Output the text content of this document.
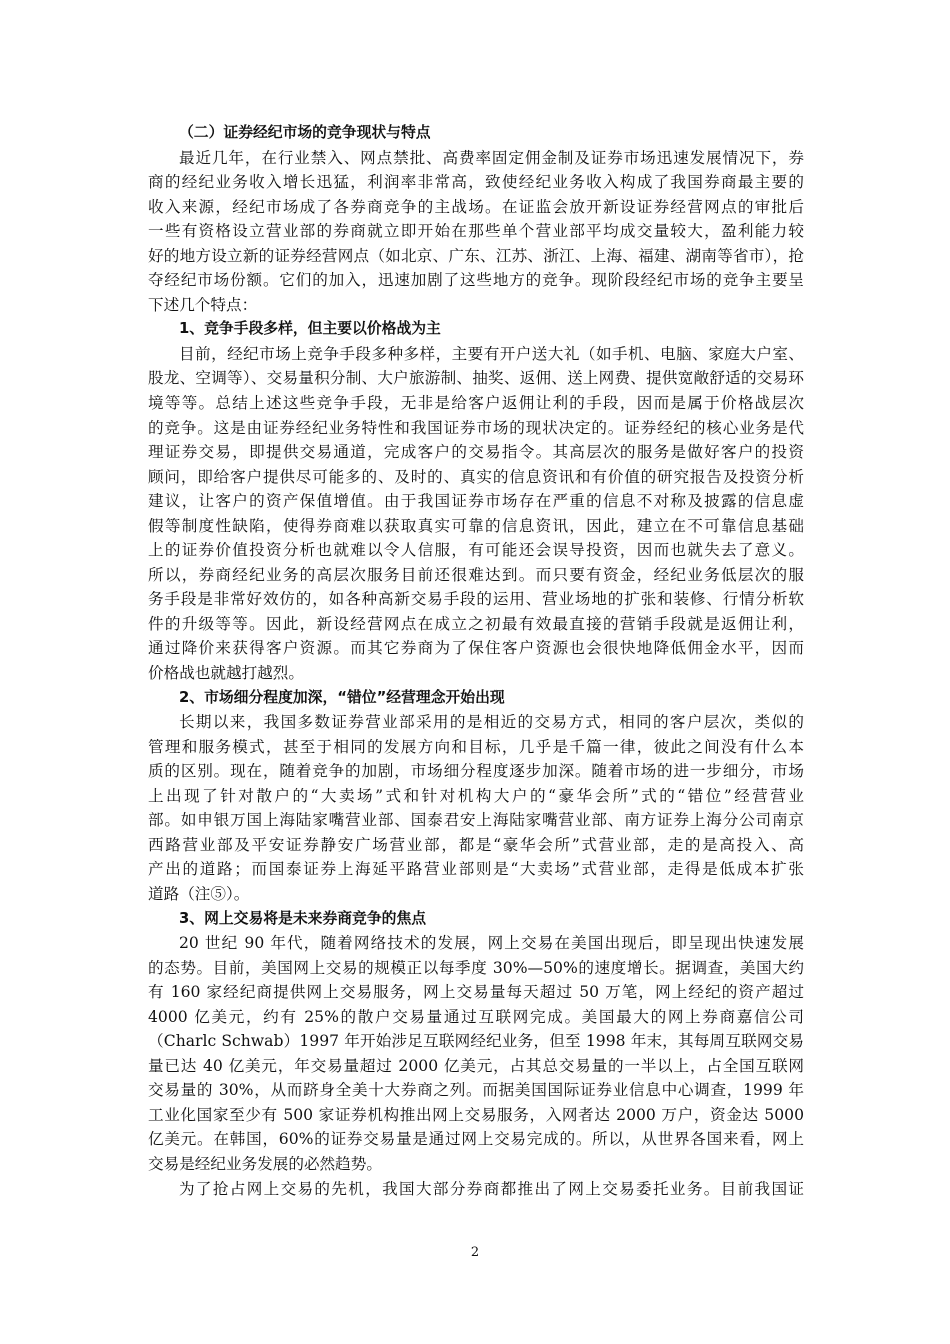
（二）证券经纪市场的竞争现状与特点
最近几年，在行业禁入、网点禁批、高费率固定佣金制及证券市场迅速发展情况下，券
商的经纪业务收入增长迅猛，利润率非常高，致使经纪业务收入构成了我国券商最主要的
收入来源，经纪市场成了各券商竞争的主战场。在证监会放开新设证券经营网点的审批后
一些有资格设立营业部的券商就立即开始在那些单个营业部平均成交量较大，盈利能力较
好的地方设立新的证券经营网点（如北京、广东、江苏、浙江、上海、福建、湖南等省市），抢
夺经纪市场份额。它们的加入，迅速加剧了这些地方的竞争。现阶段经纪市场的竞争主要呈
下述几个特点：
1、竞争手段多样，但主要以价格战为主
目前，经纪市场上竞争手段多种多样，主要有开户送大礼（如手机、电脑、家庭大户室、
股龙、空调等）、交易量积分制、大户旅游制、抽奖、返佣、送上网费、提供宽敞舒适的交易环
境等等。总结上述这些竞争手段，无非是给客户返佣让利的手段，因而是属于价格战层次
的竞争。这是由证券经纪业务特性和我国证券市场的现状决定的。证券经纪的核心业务是代
理证券交易，即提供交易通道，完成客户的交易指令。其高层次的服务是做好客户的投资
顾问，即给客户提供尽可能多的、及时的、真实的信息资讯和有价值的研究报告及投资分析
建议，让客户的资产保值增值。由于我国证券市场存在严重的信息不对称及披露的信息虚
假等制度性缺陷，使得券商难以获取真实可靠的信息资讯，因此，建立在不可靠信息基础
上的证券价值投资分析也就难以令人信服，有可能还会误导投资，因而也就失去了意义。
所以，券商经纪业务的高层次服务目前还很难达到。而只要有资金，经纪业务低层次的服
务手段是非常好效仿的，如各种高新交易手段的运用、营业场地的扩张和装修、行情分析软
件的升级等等。因此，新设经营网点在成立之初最有效最直接的营销手段就是返佣让利，
通过降价来获得客户资源。而其它券商为了保住客户资源也会很快地降低佣金水平，因而
价格战也就越打越烈。
2、市场细分程度加深，“错位”经营理念开始出现
长期以来，我国多数证券营业部采用的是相近的交易方式，相同的客户层次，类似的
管理和服务模式，甚至于相同的发展方向和目标，几乎是千篇一律，彼此之间没有什么本
质的区别。现在，随着竞争的加剧，市场细分程度逐步加深。随着市场的进一步细分，市场
上出现了针对散户的“大卖场”式和针对机构大户的“豪华会所”式的“错位”经营营业
部。如申银万国上海陆家嘴营业部、国泰君安上海陆家嘴营业部、南方证券上海分公司南京
西路营业部及平安证券静安广场营业部，都是“豪华会所”式营业部，走的是高投入、高
产出的道路；而国泰证券上海延平路营业部则是“大卖场”式营业部，走得是低成本扩张
道路（注⑤）。
3、网上交易将是未来券商竞争的焦点
20 世纪 90 年代，随着网络技术的发展，网上交易在美国出现后，即呈现出快速发展
的态势。目前，美国网上交易的规模正以每季度 30%—50%的速度增长。据调查，美国大约
有 160 家经纪商提供网上交易服务，网上交易量每天超过 50 万笔，网上经纪的资产超过
4000 亿美元，约有 25%的散户交易量通过互联网完成。美国最大的网上券商嘉信公司
（Charlc Schwab）1997 年开始涉足互联网经纪业务，但至 1998 年末，其每周互联网交易
量已达 40 亿美元，年交易量超过 2000 亿美元，占其总交易量的一半以上，占全国互联网
交易量的 30%，从而跻身全美十大券商之列。而据美国国际证券业信息中心调查，1999 年
工业化国家至少有 500 家证券机构推出网上交易服务，入网者达 2000 万户，资金达 5000
亿美元。在韩国，60%的证券交易量是通过网上交易完成的。所以，从世界各国来看，网上
交易是经纪业务发展的必然趋势。
为了抢占网上交易的先机，我国大部分券商都推出了网上交易委托业务。目前我国证
2
